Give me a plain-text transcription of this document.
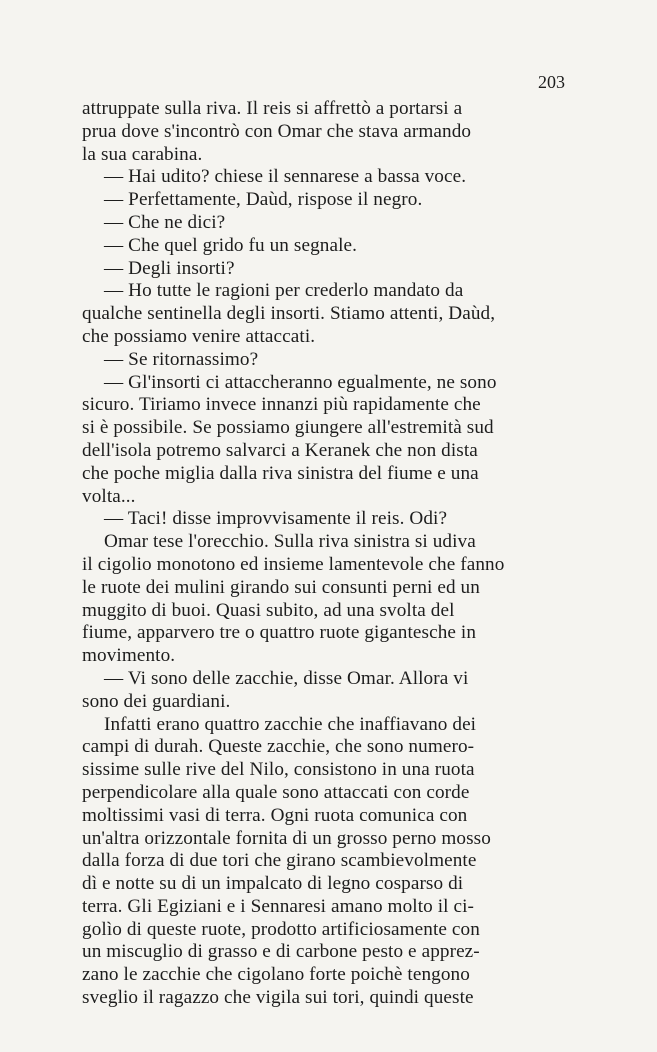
203
attruppate sulla riva. Il reis si affrettò a portarsi a
prua dove s'incontrò con Omar che stava armando
la sua carabina.
— Hai udito? chiese il sennarese a bassa voce.
— Perfettamente, Daùd, rispose il negro.
— Che ne dici?
— Che quel grido fu un segnale.
— Degli insorti?
— Ho tutte le ragioni per crederlo mandato da
qualche sentinella degli insorti. Stiamo attenti, Daùd,
che possiamo venire attaccati.
— Se ritornassimo?
— Gl'insorti ci attaccheranno egualmente, ne sono
sicuro. Tiriamo invece innanzi più rapidamente che
si è possibile. Se possiamo giungere all'estremità sud
dell'isola potremo salvarci a Keranek che non dista
che poche miglia dalla riva sinistra del fiume e una
volta...
— Taci! disse improvvisamente il reis. Odi?
Omar tese l'orecchio. Sulla riva sinistra si udiva
il cigolio monotono ed insieme lamentevole che fanno
le ruote dei mulini girando sui consunti perni ed un
muggito di buoi. Quasi subito, ad una svolta del
fiume, apparvero tre o quattro ruote gigantesche in
movimento.
— Vi sono delle zacchie, disse Omar. Allora vi
sono dei guardiani.
Infatti erano quattro zacchie che inaffiavano dei
campi di durah. Queste zacchie, che sono numero-
sissime sulle rive del Nilo, consistono in una ruota
perpendicolare alla quale sono attaccati con corde
moltissimi vasi di terra. Ogni ruota comunica con
un'altra orizzontale fornita di un grosso perno mosso
dalla forza di due tori che girano scambievolmente
dì e notte su di un impalcato di legno cosparso di
terra. Gli Egiziani e i Sennaresi amano molto il ci-
golìo di queste ruote, prodotto artificiosamente con
un miscuglio di grasso e di carbone pesto e apprez-
zano le zacchie che cigolano forte poichè tengono
sveglio il ragazzo che vigila sui tori, quindi queste
